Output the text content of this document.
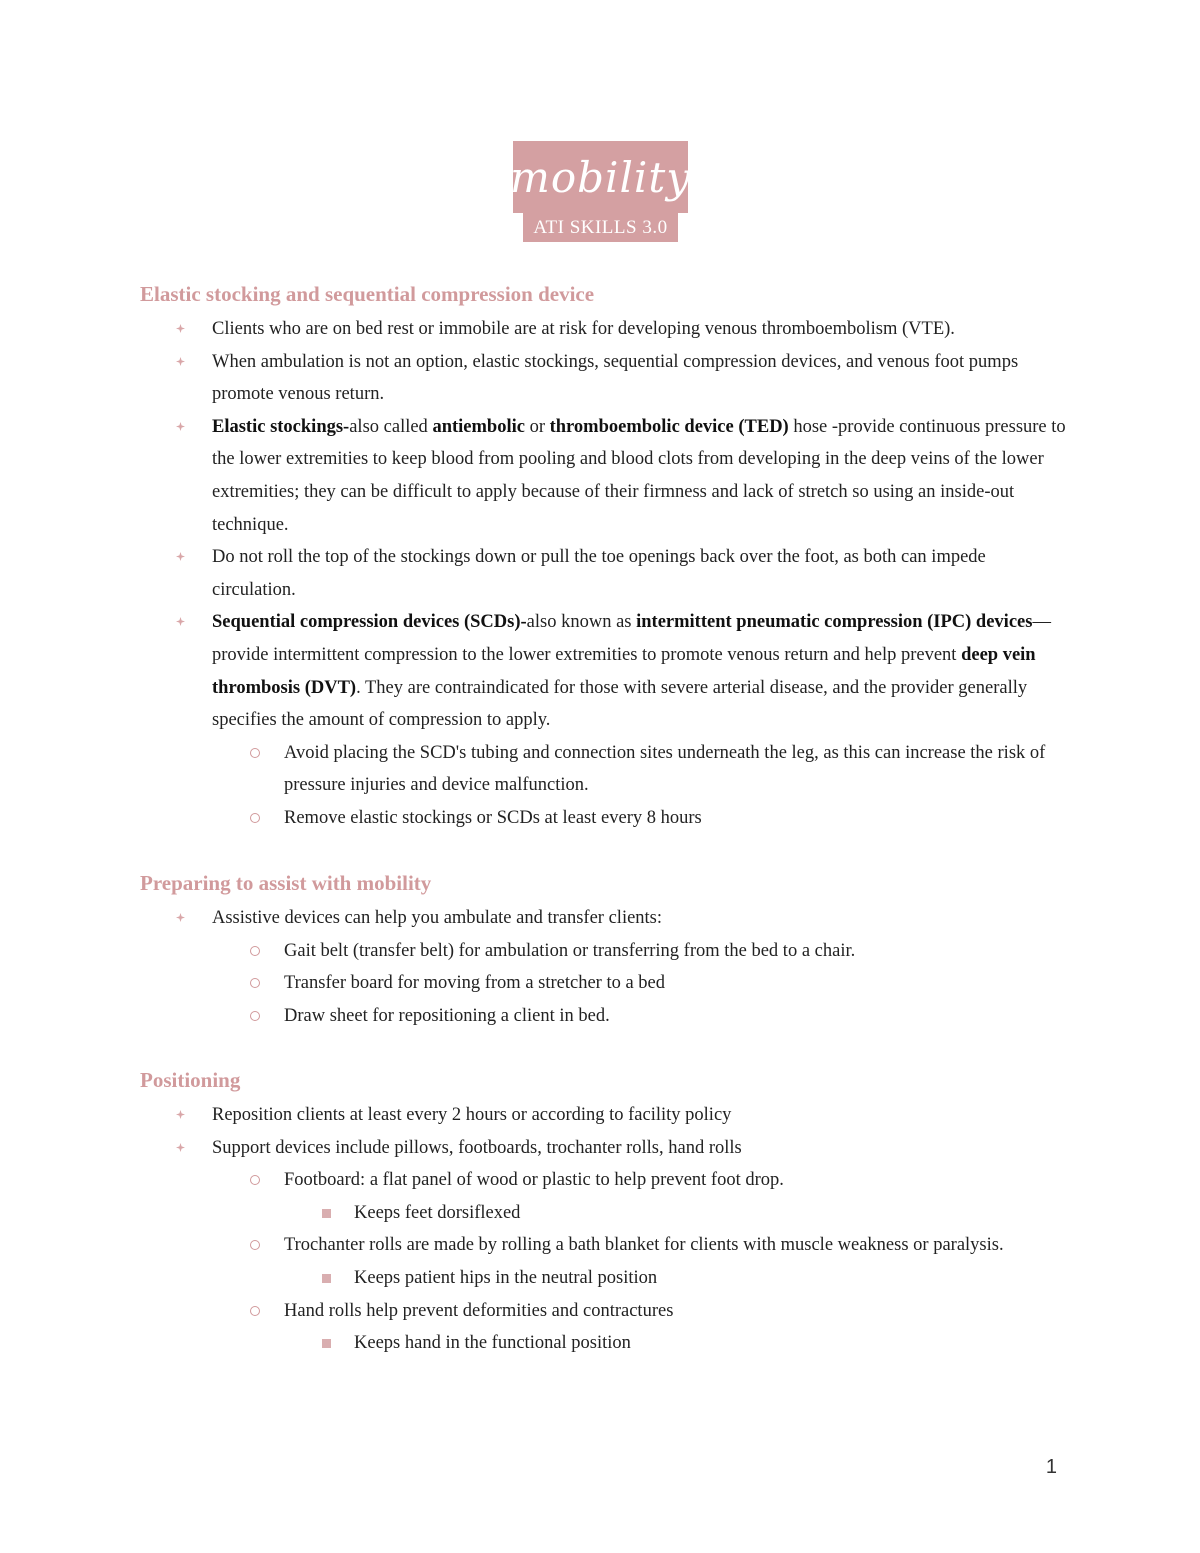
mobility
ATI SKILLS 3.0
Elastic stocking and sequential compression device
Clients who are on bed rest or immobile are at risk for developing venous thromboembolism (VTE).
When ambulation is not an option, elastic stockings, sequential compression devices, and venous foot pumps promote venous return.
Elastic stockings-also called antiembolic or thromboembolic device (TED) hose -provide continuous pressure to the lower extremities to keep blood from pooling and blood clots from developing in the deep veins of the lower extremities; they can be difficult to apply because of their firmness and lack of stretch so using an inside-out technique.
Do not roll the top of the stockings down or pull the toe openings back over the foot, as both can impede circulation.
Sequential compression devices (SCDs)-also known as intermittent pneumatic compression (IPC) devices—provide intermittent compression to the lower extremities to promote venous return and help prevent deep vein thrombosis (DVT). They are contraindicated for those with severe arterial disease, and the provider generally specifies the amount of compression to apply.
Avoid placing the SCD's tubing and connection sites underneath the leg, as this can increase the risk of pressure injuries and device malfunction.
Remove elastic stockings or SCDs at least every 8 hours
Preparing to assist with mobility
Assistive devices can help you ambulate and transfer clients:
Gait belt (transfer belt) for ambulation or transferring from the bed to a chair.
Transfer board for moving from a stretcher to a bed
Draw sheet for repositioning a client in bed.
Positioning
Reposition clients at least every 2 hours or according to facility policy
Support devices include pillows, footboards, trochanter rolls, hand rolls
Footboard: a flat panel of wood or plastic to help prevent foot drop.
Keeps feet dorsiflexed
Trochanter rolls are made by rolling a bath blanket for clients with muscle weakness or paralysis.
Keeps patient hips in the neutral position
Hand rolls help prevent deformities and contractures
Keeps hand in the functional position
1
